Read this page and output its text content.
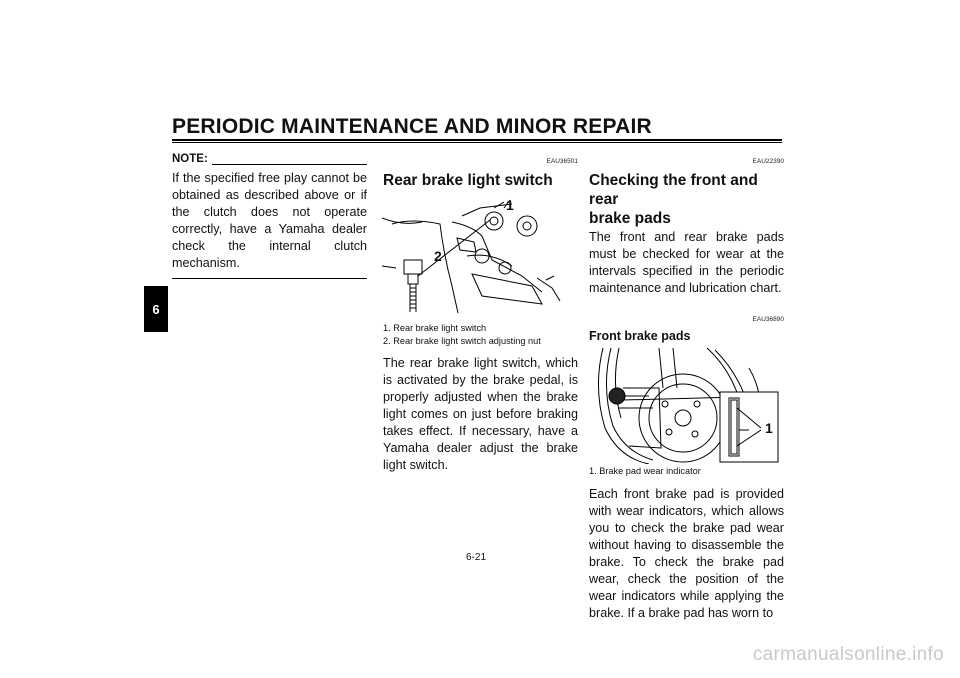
PERIODIC MAINTENANCE AND MINOR REPAIR
6
NOTE:
If the specified free play cannot be obtained as described above or if the clutch does not operate correctly, have a Yamaha dealer check the internal clutch mechanism.
EAU36501
Rear brake light switch
1
2
1. Rear brake light switch
2. Rear brake light switch adjusting nut
The rear brake light switch, which is activated by the brake pedal, is properly adjusted when the brake light comes on just before braking takes effect. If necessary, have a Yamaha dealer adjust the brake light switch.
EAU22390
Checking the front and rear
brake pads
The front and rear brake pads must be checked for wear at the intervals specified in the periodic maintenance and lubrication chart.
EAU36890
Front brake pads
1
1. Brake pad wear indicator
Each front brake pad is provided with wear indicators, which allows you to check the brake pad wear without having to disassemble the brake. To check the brake pad wear, check the position of the wear indicators while applying the brake. If a brake pad has worn to
6-21
carmanualsonline.info
